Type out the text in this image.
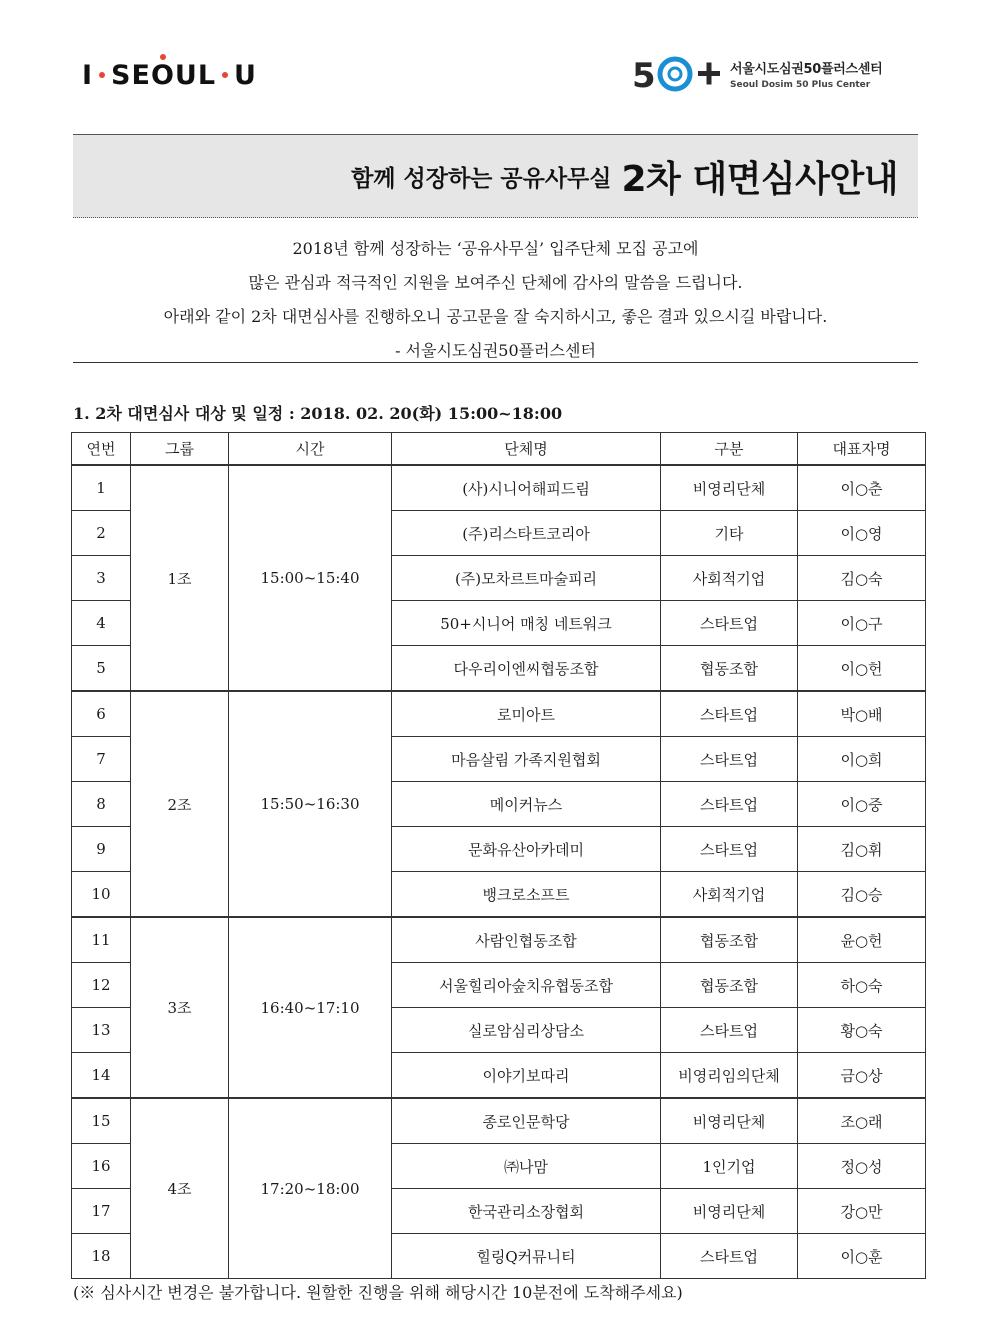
I SE O UL U	5	서울시도심권50플러스센터
Seoul Dosim 50 Plus Center
함께 성장하는 공유사무실 2차 대면심사안내
2018년 함께 성장하는 ‘공유사무실’ 입주단체 모집 공고에
많은 관심과 적극적인 지원을 보여주신 단체에 감사의 말씀을 드립니다.
아래와 같이 2차 대면심사를 진행하오니 공고문을 잘 숙지하시고, 좋은 결과 있으시길 바랍니다.
- 서울시도심권50플러스센터
1. 2차 대면심사 대상 및 일정 : 2018. 02. 20(화) 15:00~18:00
연번	그룹	시간	단체명	구분	대표자명
1	1조	15:00~15:40	(사)시니어해피드림	비영리단체	이○춘
2			(주)리스타트코리아	기타	이○영
3			(주)모차르트마술피리	사회적기업	김○숙
4			50+시니어 매칭 네트워크	스타트업	이○구
5			다우리이엔씨협동조합	협동조합	이○헌
6	2조	15:50~16:30	로미아트	스타트업	박○배
7			마음살림 가족지원협회	스타트업	이○희
8			메이커뉴스	스타트업	이○중
9			문화유산아카데미	스타트업	김○휘
10			뱅크로소프트	사회적기업	김○승
11	3조	16:40~17:10	사람인협동조합	협동조합	윤○헌
12			서울힐리아숲치유협동조합	협동조합	하○숙
13			실로암심리상담소	스타트업	황○숙
14			이야기보따리	비영리임의단체	금○상
15	4조	17:20~18:00	종로인문학당	비영리단체	조○래
16			㈜나맘	1인기업	정○성
17			한국관리소장협회	비영리단체	강○만
18			힐링Q커뮤니티	스타트업	이○훈
(※ 심사시간 변경은 불가합니다. 원할한 진행을 위해 해당시간 10분전에 도착해주세요)
